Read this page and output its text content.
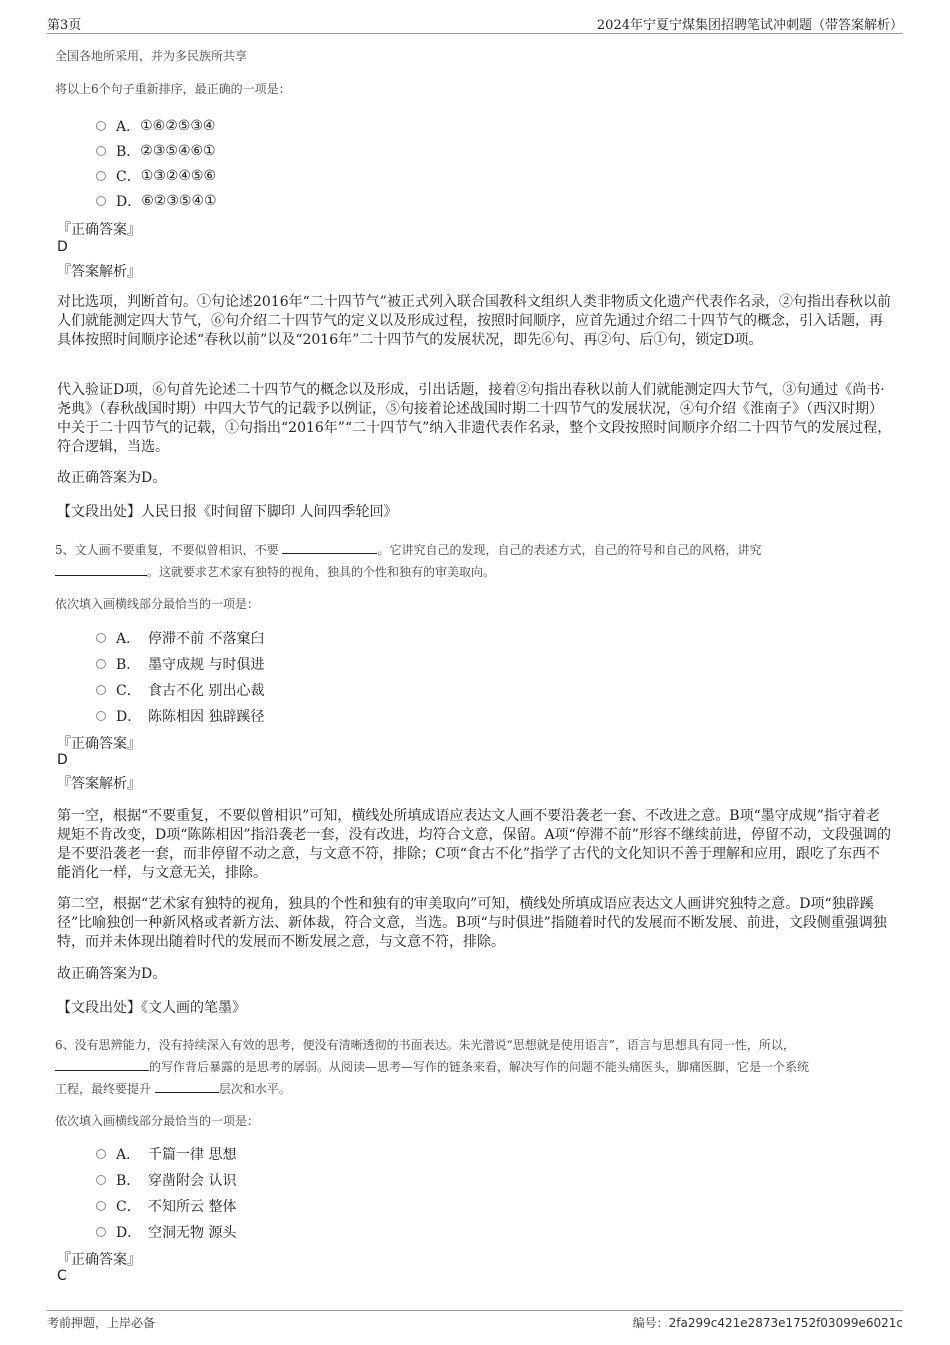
第3页	2024年宁夏宁煤集团招聘笔试冲刺题（带答案解析）
全国各地所采用，并为多民族所共享
将以上6个句子重新排序，最正确的一项是：
A． ①⑥②⑤③④
B． ②③⑤④⑥①
C． ①③②④⑤⑥
D． ⑥②③⑤④①
『正确答案』
D
『答案解析』
对比选项，判断首句。①句论述2016年“二十四节气”被正式列入联合国教科文组织人类非物质文化遗产代表作名录，②句指出春秋以前人们就能测定四大节气，⑥句介绍二十四节气的定义以及形成过程，按照时间顺序，应首先通过介绍二十四节气的概念，引入话题，再具体按照时间顺序论述“春秋以前”以及“2016年”二十四节气的发展状况，即先⑥句、再②句、后①句，锁定D项。
代入验证D项，⑥句首先论述二十四节气的概念以及形成，引出话题，接着②句指出春秋以前人们就能测定四大节气，③句通过《尚书·尧典》（春秋战国时期）中四大节气的记载予以例证，⑤句接着论述战国时期二十四节气的发展状况，④句介绍《淮南子》（西汉时期）中关于二十四节气的记载，①句指出“2016年”“二十四节气”纳入非遗代表作名录，整个文段按照时间顺序介绍二十四节气的发展过程，符合逻辑，当选。
故正确答案为D。
【文段出处】人民日报《时间留下脚印 人间四季轮回》
5、文人画不要重复，不要似曾相识，不要	。它讲究自己的发现，自己的表述方式，自己的符号和自己的风格，讲究
。这就要求艺术家有独特的视角，独具的个性和独有的审美取向。
依次填入画横线部分最恰当的一项是：
A． 停滞不前 不落窠臼
B． 墨守成规 与时俱进
C． 食古不化 别出心裁
D． 陈陈相因 独辟蹊径
『正确答案』
D
『答案解析』
第一空，根据“不要重复，不要似曾相识”可知，横线处所填成语应表达文人画不要沿袭老一套、不改进之意。B项“墨守成规”指守着老规矩不肯改变，D项“陈陈相因”指沿袭老一套，没有改进，均符合文意，保留。A项“停滞不前”形容不继续前进，停留不动，文段强调的是不要沿袭老一套，而非停留不动之意，与文意不符，排除；C项“食古不化”指学了古代的文化知识不善于理解和应用，跟吃了东西不能消化一样，与文意无关，排除。
第二空，根据“艺术家有独特的视角，独具的个性和独有的审美取向”可知，横线处所填成语应表达文人画讲究独特之意。D项“独辟蹊径”比喻独创一种新风格或者新方法、新体裁，符合文意，当选。B项“与时俱进”指随着时代的发展而不断发展、前进，文段侧重强调独特，而并未体现出随着时代的发展而不断发展之意，与文意不符，排除。
故正确答案为D。
【文段出处】《文人画的笔墨》
6、没有思辨能力，没有持续深入有效的思考，便没有清晰透彻的书面表达。朱光潜说“思想就是使用语言”，语言与思想具有同一性，所以，
的写作背后暴露的是思考的孱弱。从阅读—思考—写作的链条来看，解决写作的问题不能头痛医头，脚痛医脚，它是一个系统
工程，最终要提升	层次和水平。
依次填入画横线部分最恰当的一项是：
A． 千篇一律 思想
B． 穿凿附会 认识
C． 不知所云 整体
D． 空洞无物 源头
『正确答案』
C
考前押题，上岸必备	编号：2fa299c421e2873e1752f03099e6021c
